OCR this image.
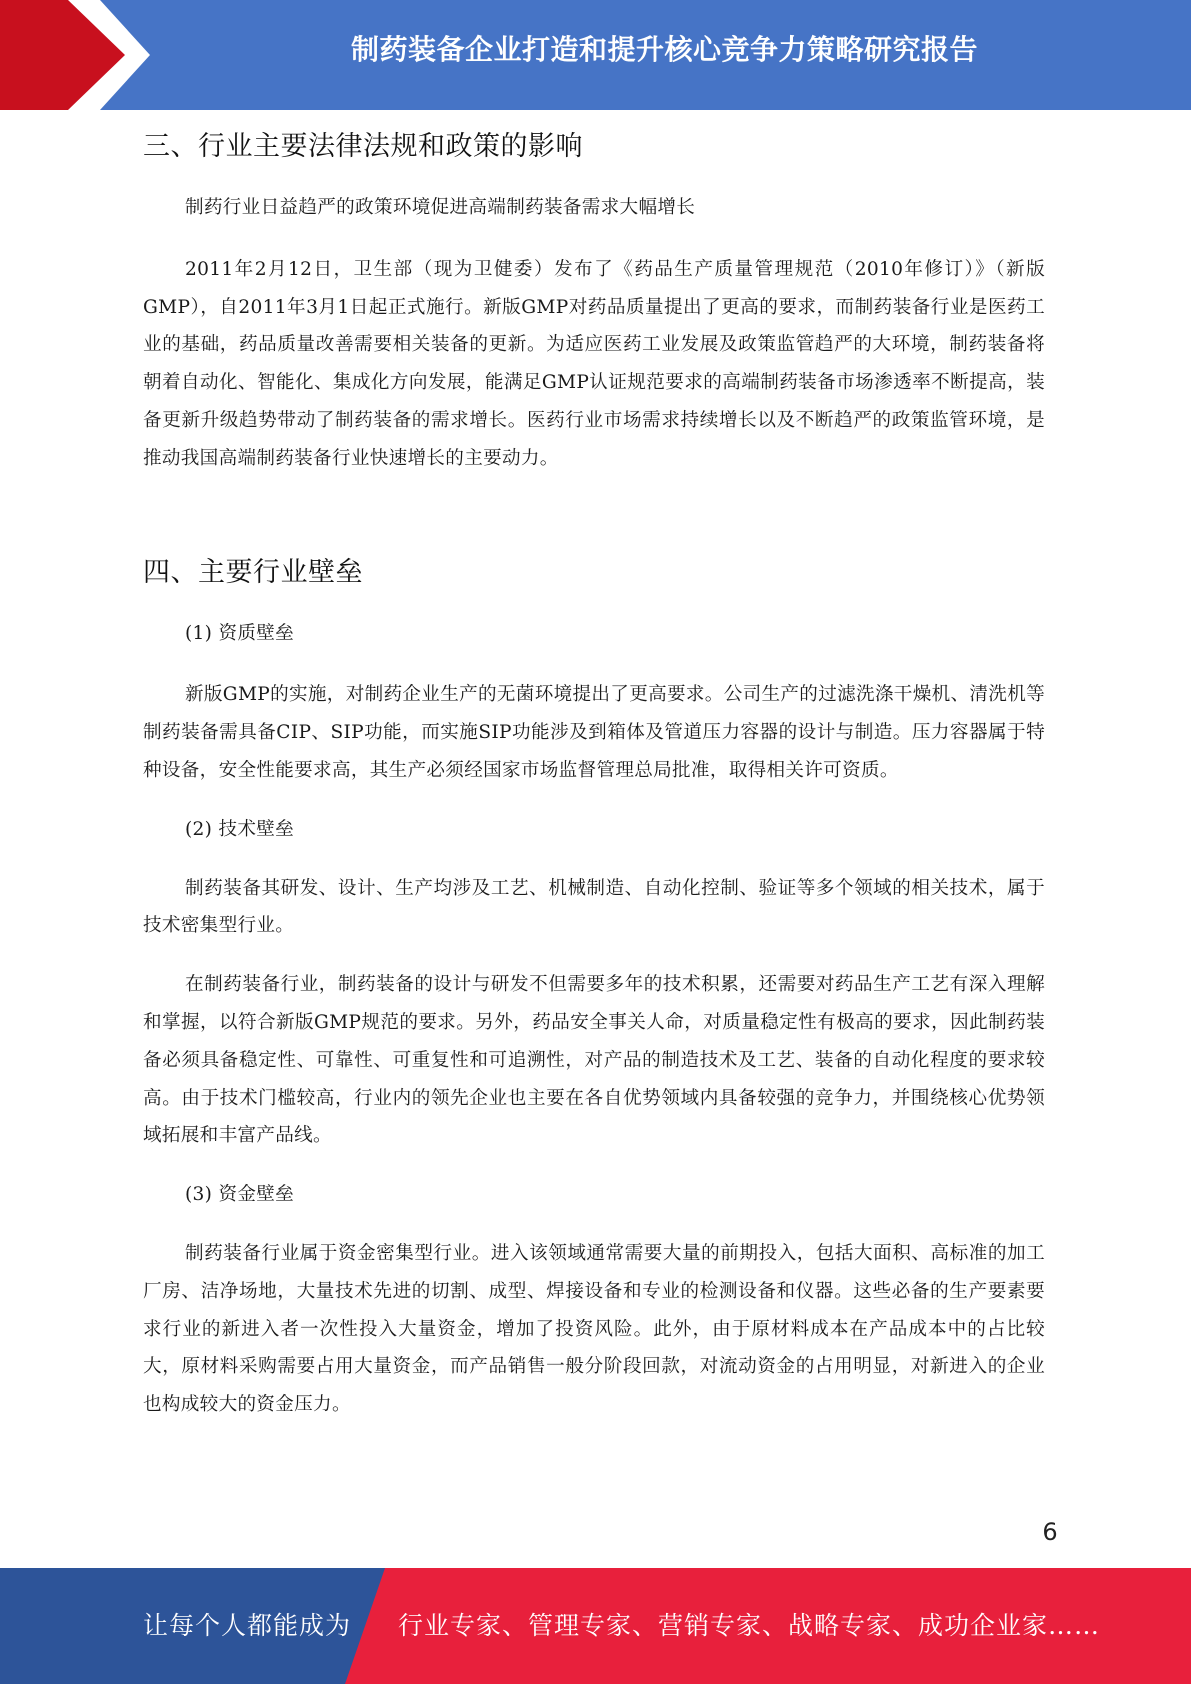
制药装备企业打造和提升核心竞争力策略研究报告
三、行业主要法律法规和政策的影响

制药行业日益趋严的政策环境促进高端制药装备需求大幅增长

2011年2月12日，卫生部（现为卫健委）发布了《药品生产质量管理规范（2010年修订）》（新版GMP），自2011年3月1日起正式施行。新版GMP对药品质量提出了更高的要求，而制药装备行业是医药工业的基础，药品质量改善需要相关装备的更新。为适应医药工业发展及政策监管趋严的大环境，制药装备将朝着自动化、智能化、集成化方向发展，能满足GMP认证规范要求的高端制药装备市场渗透率不断提高，装备更新升级趋势带动了制药装备的需求增长。医药行业市场需求持续增长以及不断趋严的政策监管环境，是推动我国高端制药装备行业快速增长的主要动力。

四、主要行业壁垒

(1) 资质壁垒

新版GMP的实施，对制药企业生产的无菌环境提出了更高要求。公司生产的过滤洗涤干燥机、清洗机等制药装备需具备CIP、SIP功能，而实施SIP功能涉及到箱体及管道压力容器的设计与制造。压力容器属于特种设备，安全性能要求高，其生产必须经国家市场监督管理总局批准，取得相关许可资质。

(2) 技术壁垒

制药装备其研发、设计、生产均涉及工艺、机械制造、自动化控制、验证等多个领域的相关技术，属于技术密集型行业。

在制药装备行业，制药装备的设计与研发不但需要多年的技术积累，还需要对药品生产工艺有深入理解和掌握，以符合新版GMP规范的要求。另外，药品安全事关人命，对质量稳定性有极高的要求，因此制药装备必须具备稳定性、可靠性、可重复性和可追溯性，对产品的制造技术及工艺、装备的自动化程度的要求较高。由于技术门槛较高，行业内的领先企业也主要在各自优势领域内具备较强的竞争力，并围绕核心优势领域拓展和丰富产品线。

(3) 资金壁垒

制药装备行业属于资金密集型行业。进入该领域通常需要大量的前期投入，包括大面积、高标准的加工厂房、洁净场地，大量技术先进的切割、成型、焊接设备和专业的检测设备和仪器。这些必备的生产要素要求行业的新进入者一次性投入大量资金，增加了投资风险。此外，由于原材料成本在产品成本中的占比较大，原材料采购需要占用大量资金，而产品销售一般分阶段回款，对流动资金的占用明显，对新进入的企业也构成较大的资金压力。

6
让每个人都能成为 行业专家、管理专家、营销专家、战略专家、成功企业家……
